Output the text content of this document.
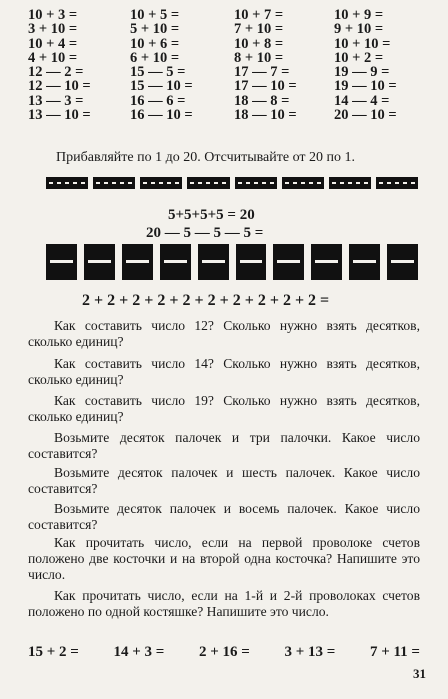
10 + 3 =
3 + 10 =
10 + 4 =
4 + 10 =
12 — 2 =
12 — 10 =
13 — 3 =
13 — 10 =
10 + 5 =
5 + 10 =
10 + 6 =
6 + 10 =
15 — 5 =
15 — 10 =
16 — 6 =
16 — 10 =
10 + 7 =
7 + 10 =
10 + 8 =
8 + 10 =
17 — 7 =
17 — 10 =
18 — 8 =
18 — 10 =
10 + 9 =
9 + 10 =
10 + 10 =
10 + 2 =
19 — 9 =
19 — 10 =
14 — 4 =
20 — 10 =
Прибавляйте по 1 до 20. Отсчитывайте от 20 по 1.
5+5+5+5 = 20
20 — 5 — 5 — 5 =
2 + 2 + 2 + 2 + 2 + 2 + 2 + 2 + 2 + 2 =
Как составить число 12? Сколько нужно взять десятков, сколько единиц?
Как составить число 14? Сколько нужно взять десятков, сколько единиц?
Как составить число 19? Сколько нужно взять десятков, сколько единиц?
Возьмите десяток палочек и три палочки. Какое число составится?
Возьмите десяток палочек и шесть палочек. Какое число составится?
Возьмите десяток палочек и восемь палочек. Какое число составится?
Как прочитать число, если на первой проволоке счетов положено две косточки и на второй одна косточка? Напишите это число.
Как прочитать число, если на 1-й и 2-й проволоках счетов положено по одной костяшке? Напишите это число.
15 + 2 = 14 + 3 = 2 + 16 = 3 + 13 = 7 + 11 =
31
